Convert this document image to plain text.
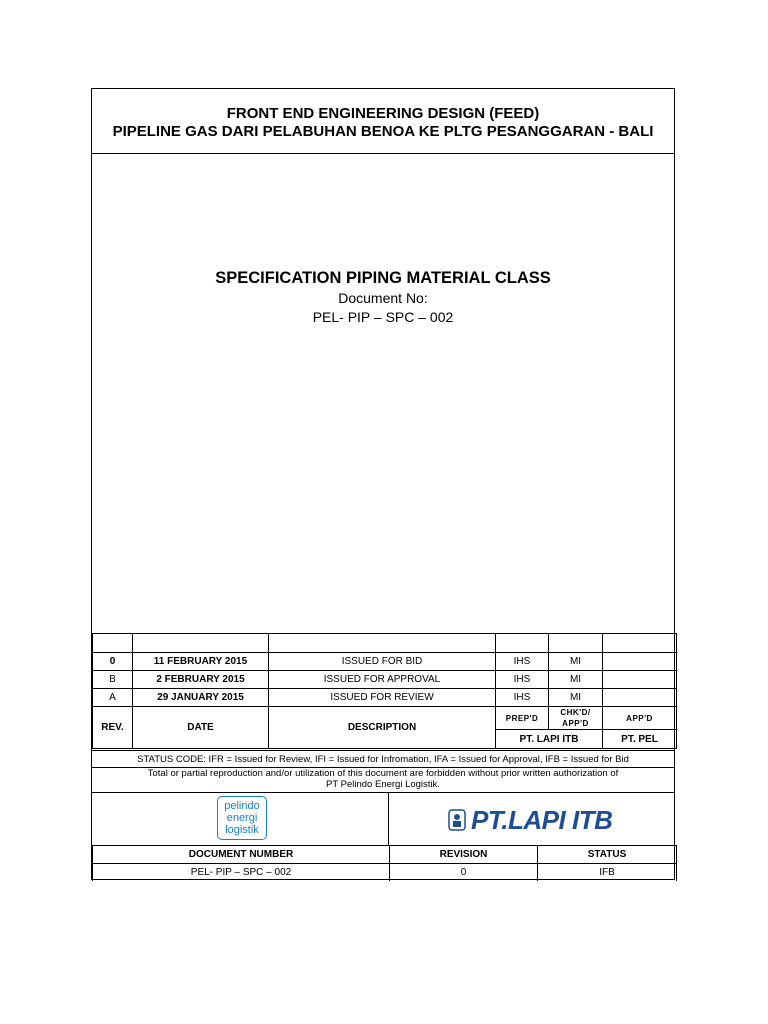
FRONT END ENGINEERING DESIGN (FEED)
PIPELINE GAS DARI PELABUHAN BENOA KE PLTG PESANGGARAN - BALI
SPECIFICATION PIPING MATERIAL CLASS
Document No:
PEL- PIP – SPC – 002

0	11 FEBRUARY 2015	ISSUED FOR BID	IHS	MI	
B	2 FEBRUARY 2015	ISSUED FOR APPROVAL	IHS	MI	
A	29 JANUARY 2015	ISSUED FOR REVIEW	IHS	MI	
REV.	DATE	DESCRIPTION	PREP'D	CHK'D/ APP'D	APP'D
			PT. LAPI ITB		PT. PEL
STATUS CODE: IFR = Issued for Review, IFI = Issued for Infromation, IFA = Issued for Approval, IFB = Issued for Bid
Total or partial reproduction and/or utilization of this document are forbidden without prior written authorization of
PT Pelindo Energi Logistik.
pelindo
energi
logistik	PT.LAPI ITB
DOCUMENT NUMBER	REVISION	STATUS
PEL- PIP – SPC – 002	0	IFB
